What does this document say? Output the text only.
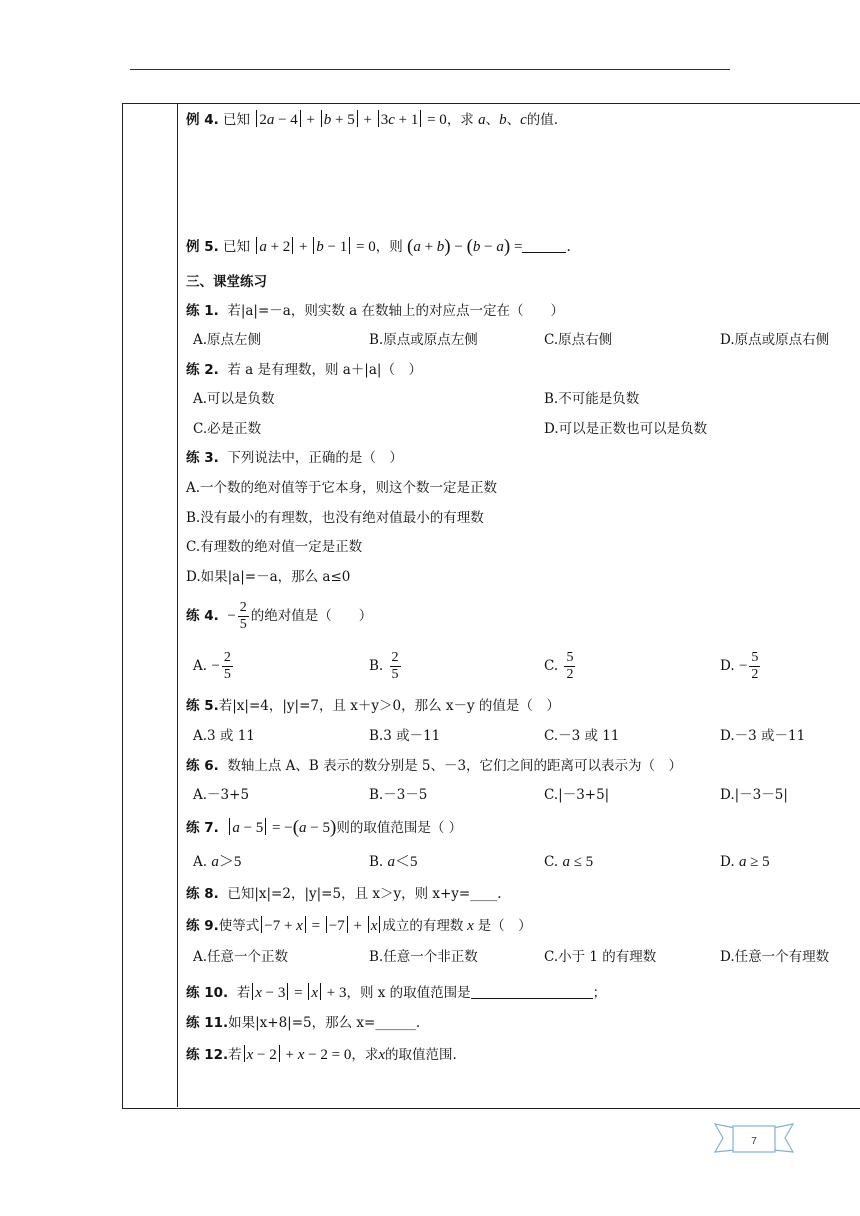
例 4. 已知 2a − 4 + b + 5 + 3c + 1 = 0，求 a、b、c的值.
例 5. 已知 a + 2 + b − 1 = 0，则 (a + b) − (b − a) =	.
三、课堂练习
练 1. 若|a|=－a，则实数 a 在数轴上的对应点一定在（　　）
A.原点左侧	B.原点或原点左侧	C.原点右侧	D.原点或原点右侧
练 2. 若 a 是有理数，则 a＋|a|（　）
A.可以是负数	B.不可能是负数
C.必是正数	D.可以是正数也可以是负数
练 3. 下列说法中，正确的是（　）
A.一个数的绝对值等于它本身，则这个数一定是正数
B.没有最小的有理数，也没有绝对值最小的有理数
C.有理数的绝对值一定是正数
D.如果|a|=－a，那么 a≤0
练 4. − $\frac{2}{5}$ 的绝对值是（　　）
A. − $\frac{2}{5}$	B. $\frac{2}{5}$	C. $\frac{5}{2}$	D. − $\frac{5}{2}$
练 5.若|x|=4，|y|=7，且 x＋y＞0，那么 x－y 的值是（　）
A.3 或 11	B.3 或－11	C.－3 或 11	D.－3 或－11
练 6. 数轴上点 A、B 表示的数分别是 5、－3，它们之间的距离可以表示为（　）
A.－3+5	B.－3－5	C.|－3+5|	D.|－3－5|
练 7. a − 5 = −(a − 5)则的取值范围是（ ）
A. a＞5	B. a＜5	C. a ≤ 5	D. a ≥ 5
练 8. 已知|x|=2，|y|=5，且 x＞y，则 x+y=____.
练 9.使等式 −7 + x = −7 + x 成立的有理数 x 是（　）
A.任意一个正数	B.任意一个非正数	C.小于 1 的有理数	D.任意一个有理数
练 10. 若 x − 3 = x + 3，则 x 的取值范围是	；
练 11.如果|x+8|=5，那么 x=______.
练 12.若 x − 2 + x − 2 = 0，求x的取值范围.
7
